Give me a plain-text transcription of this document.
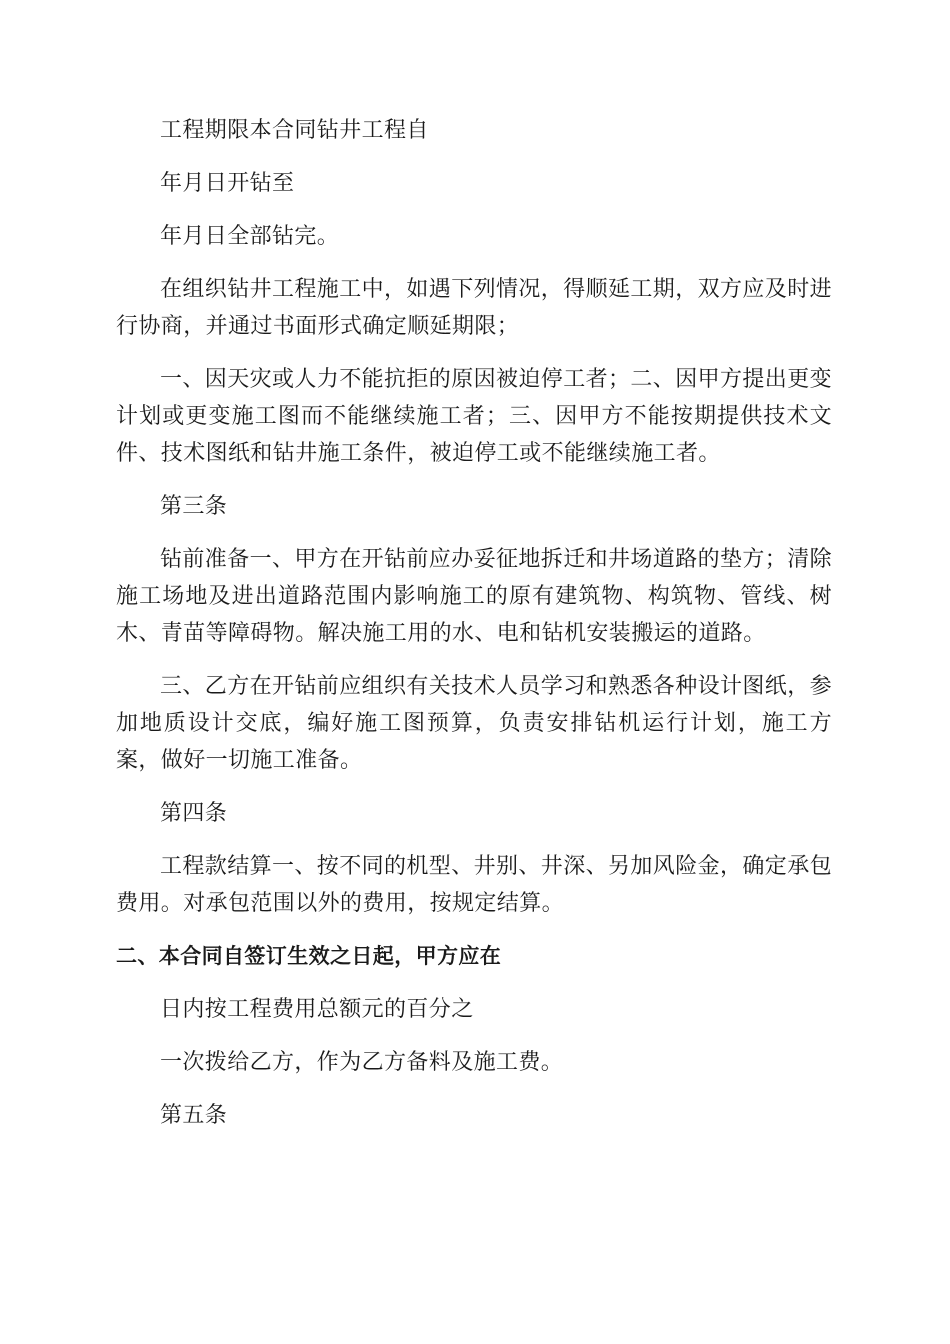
工程期限本合同钻井工程自

年月日开钻至

年月日全部钻完。

在组织钻井工程施工中，如遇下列情况，得顺延工期，双方应及时进行协商，并通过书面形式确定顺延期限；

一、因天灾或人力不能抗拒的原因被迫停工者；二、因甲方提出更变计划或更变施工图而不能继续施工者；三、因甲方不能按期提供技术文件、技术图纸和钻井施工条件，被迫停工或不能继续施工者。

第三条

钻前准备一、甲方在开钻前应办妥征地拆迁和井场道路的垫方；清除施工场地及进出道路范围内影响施工的原有建筑物、构筑物、管线、树木、青苗等障碍物。解决施工用的水、电和钻机安装搬运的道路。

三、乙方在开钻前应组织有关技术人员学习和熟悉各种设计图纸，参加地质设计交底，编好施工图预算，负责安排钻机运行计划，施工方案，做好一切施工准备。

第四条

工程款结算一、按不同的机型、井别、井深、另加风险金，确定承包费用。对承包范围以外的费用，按规定结算。

二、本合同自签订生效之日起，甲方应在

日内按工程费用总额元的百分之

一次拨给乙方，作为乙方备料及施工费。

第五条
